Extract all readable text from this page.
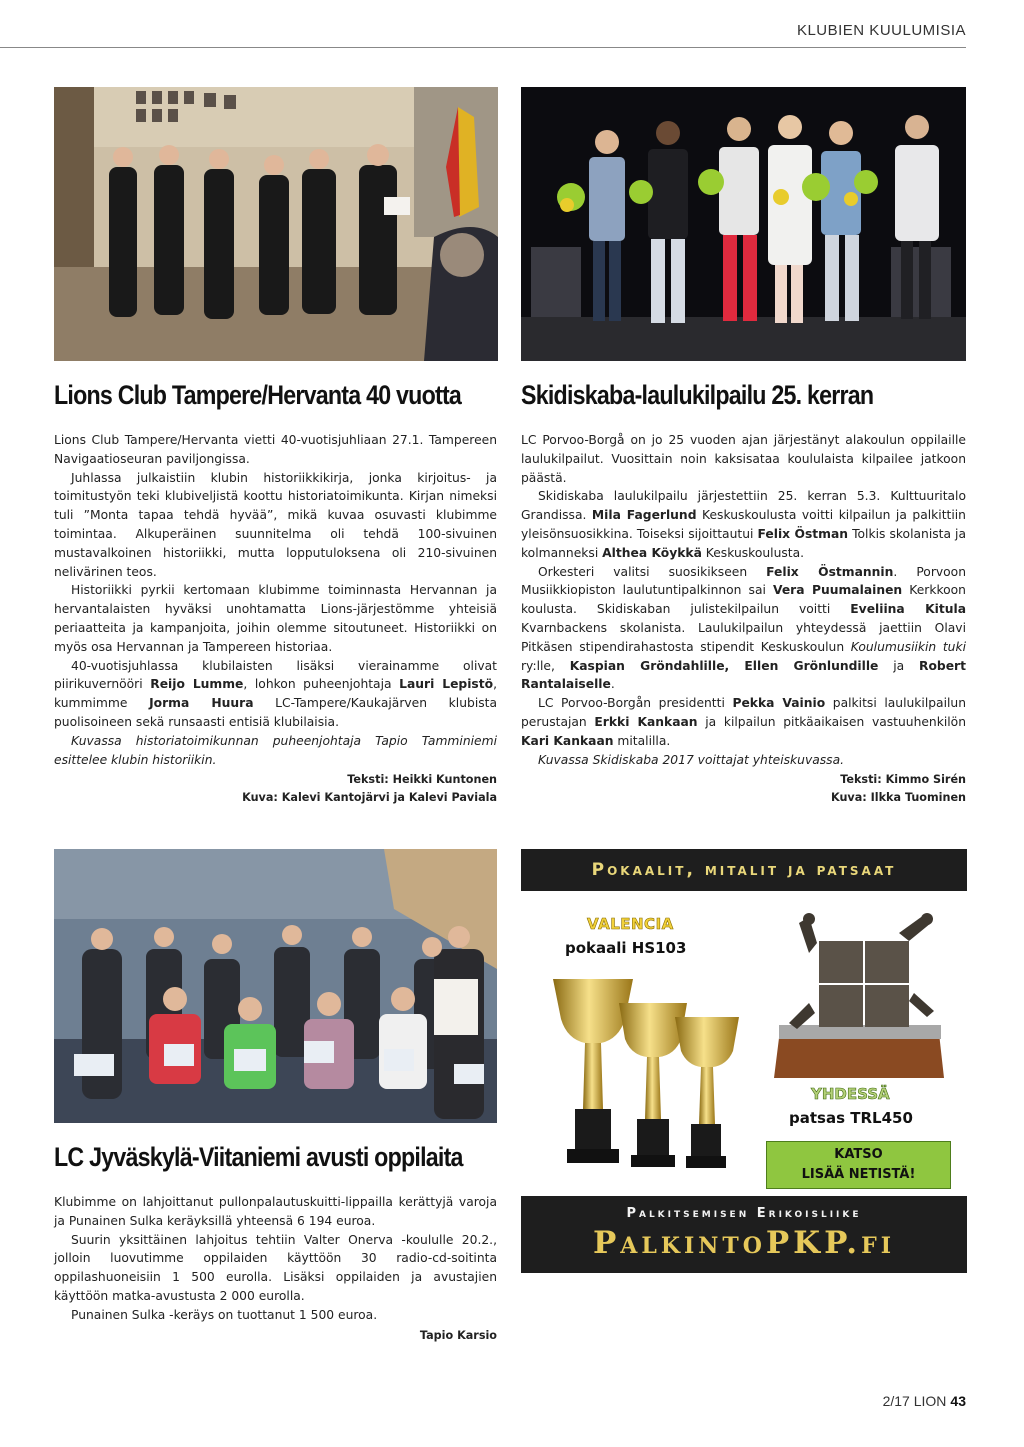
KLUBIEN KUULUMISIA
Lions Club Tampere/Hervanta 40 vuotta Skidiskaba-laulukilpailu 25. kerran

Lions Club Tampere/Hervanta vietti 40-vuotisjuhliaan 27.1. Tampereen Navigaatioseuran paviljongissa.

Juhlassa julkaistiin klubin historiikkikirja, jonka kirjoitus- ja toimitustyön teki klubiveljistä koottu historiatoimikunta. Kirjan nimeksi tuli ”Monta tapaa tehdä hyvää”, mikä kuvaa osuvasti klubimme toimintaa. Alkuperäinen suunnitelma oli tehdä 100-sivuinen mustavalkoinen historiikki, mutta lopputuloksena oli 210-sivuinen nelivärinen teos.

Historiikki pyrkii kertomaan klubimme toiminnasta Hervannan ja hervantalaisten hyväksi unohtamatta Lions-järjestömme yhteisiä periaatteita ja kampanjoita, joihin olemme sitoutuneet. Historiikki on myös osa Hervannan ja Tampereen historiaa.

40-vuotisjuhlassa klubilaisten lisäksi vierainamme olivat piirikuvernööri Reijo Lumme, lohkon puheenjohtaja Lauri Lepistö, kummimme Jorma Huura LC-Tampere/Kaukajärven klubista puolisoineen sekä runsaasti entisiä klubilaisia.

Kuvassa historiatoimikunnan puheenjohtaja Tapio Tamminiemi esittelee klubin historiikin.

Teksti: Heikki Kuntonen

Kuva: Kalevi Kantojärvi ja Kalevi Paviala

LC Porvoo-Borgå on jo 25 vuoden ajan järjestänyt alakoulun oppilaille laulukilpailut. Vuosittain noin kaksisataa koululaista kilpailee jatkoon päästä.

Skidiskaba laulukilpailu järjestettiin 25. kerran 5.3. Kulttuuritalo Grandissa. Mila Fagerlund Keskuskoulusta voitti kilpailun ja palkittiin yleisönsuosikkina. Toiseksi sijoittautui Felix Östman Tolkis skolanista ja kolmanneksi Althea Köykkä Keskuskoulusta.

Orkesteri valitsi suosikikseen Felix Östmannin. Porvoon Musiikkiopiston laulutuntipalkinnon sai Vera Puumalainen Kerkkoon koulusta. Skidiskaban julistekilpailun voitti Eveliina Kitula Kvarnbackens skolanista. Laulukilpailun yhteydessä jaettiin Olavi Pitkäsen stipendirahastosta stipendit Keskuskoulun Koulumusiikin tuki ry:lle, Kaspian Gröndahlille, Ellen Grönlundille ja Robert Rantalaiselle.

LC Porvoo-Borgån presidentti Pekka Vainio palkitsi laulukilpailun perustajan Erkki Kankaan ja kilpailun pitkäaikaisen vastuuhenkilön Kari Kankaan mitalilla.

Kuvassa Skidiskaba 2017 voittajat yhteiskuvassa.

Teksti: Kimmo Sirén

Kuva: Ilkka Tuominen

LC Jyväskylä-Viitaniemi avusti oppilaita

Klubimme on lahjoittanut pullonpalautuskuitti-lippailla kerättyjä varoja ja Punainen Sulka keräyksillä yhteensä 6 194 euroa.

Suurin yksittäinen lahjoitus tehtiin Valter Onerva -koululle 20.2., jolloin luovutimme oppilaiden käyttöön 30 radio-cd-soitinta oppilashuoneisiin 1 500 eurolla. Lisäksi oppilaiden ja avustajien käyttöön matka-avustusta 2 000 eurolla.

Punainen Sulka -keräys on tuottanut 1 500 euroa.

Tapio Karsio

Pokaalit, mitalit ja patsaat
VALENCIA
pokaali HS103
YHDESSÄ
patsas TRL450
KATSO
LISÄÄ NETISTÄ!
Palkitsemisen Erikoisliike
PalkintoPKP.fi
2/17 LION 43
